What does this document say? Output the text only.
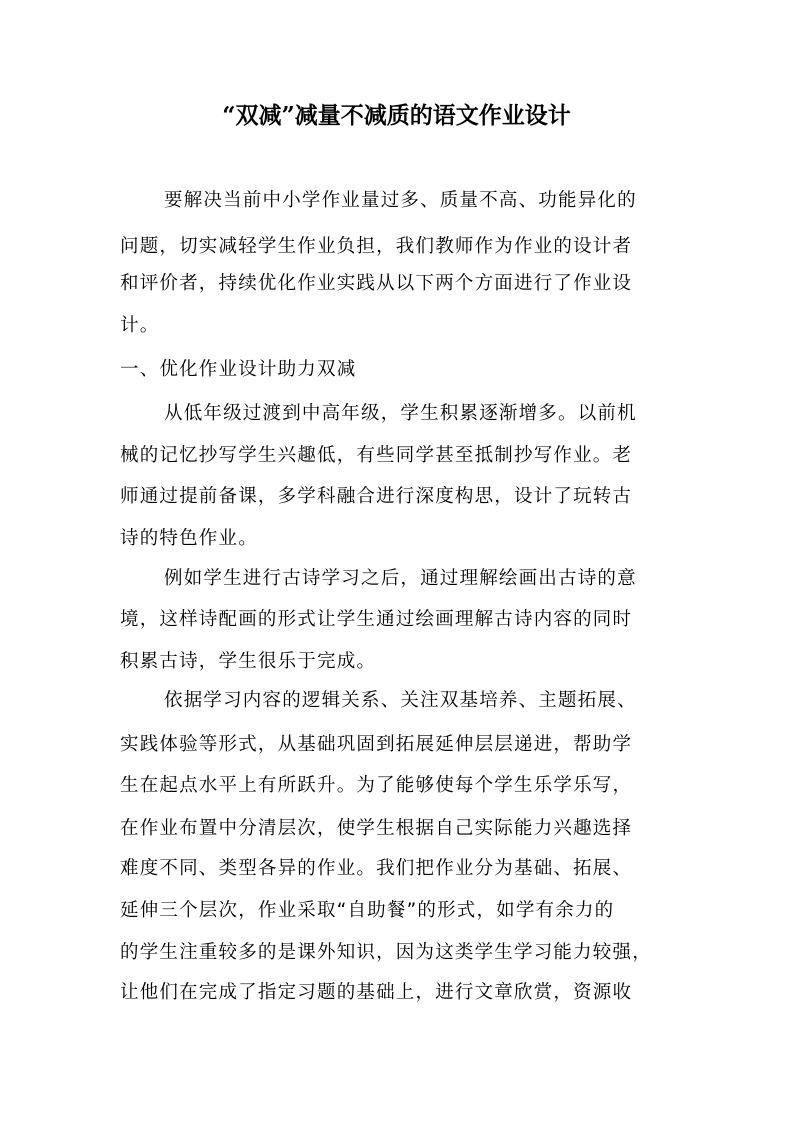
“双减”减量不减质的语文作业设计
要解决当前中小学作业量过多、质量不高、功能异化的
问题，切实减轻学生作业负担，我们教师作为作业的设计者
和评价者，持续优化作业实践从以下两个方面进行了作业设
计。
一、优化作业设计助力双减
从低年级过渡到中高年级，学生积累逐渐增多。以前机
械的记忆抄写学生兴趣低，有些同学甚至抵制抄写作业。老
师通过提前备课，多学科融合进行深度构思，设计了玩转古
诗的特色作业。
例如学生进行古诗学习之后，通过理解绘画出古诗的意
境，这样诗配画的形式让学生通过绘画理解古诗内容的同时
积累古诗，学生很乐于完成。
依据学习内容的逻辑关系、关注双基培养、主题拓展、
实践体验等形式，从基础巩固到拓展延伸层层递进，帮助学
生在起点水平上有所跃升。为了能够使每个学生乐学乐写，
在作业布置中分清层次，使学生根据自己实际能力兴趣选择
难度不同、类型各异的作业。我们把作业分为基础、拓展、
延伸三个层次，作业采取“自助餐”的形式，如学有余力的
的学生注重较多的是课外知识，因为这类学生学习能力较强，
让他们在完成了指定习题的基础上，进行文章欣赏，资源收
